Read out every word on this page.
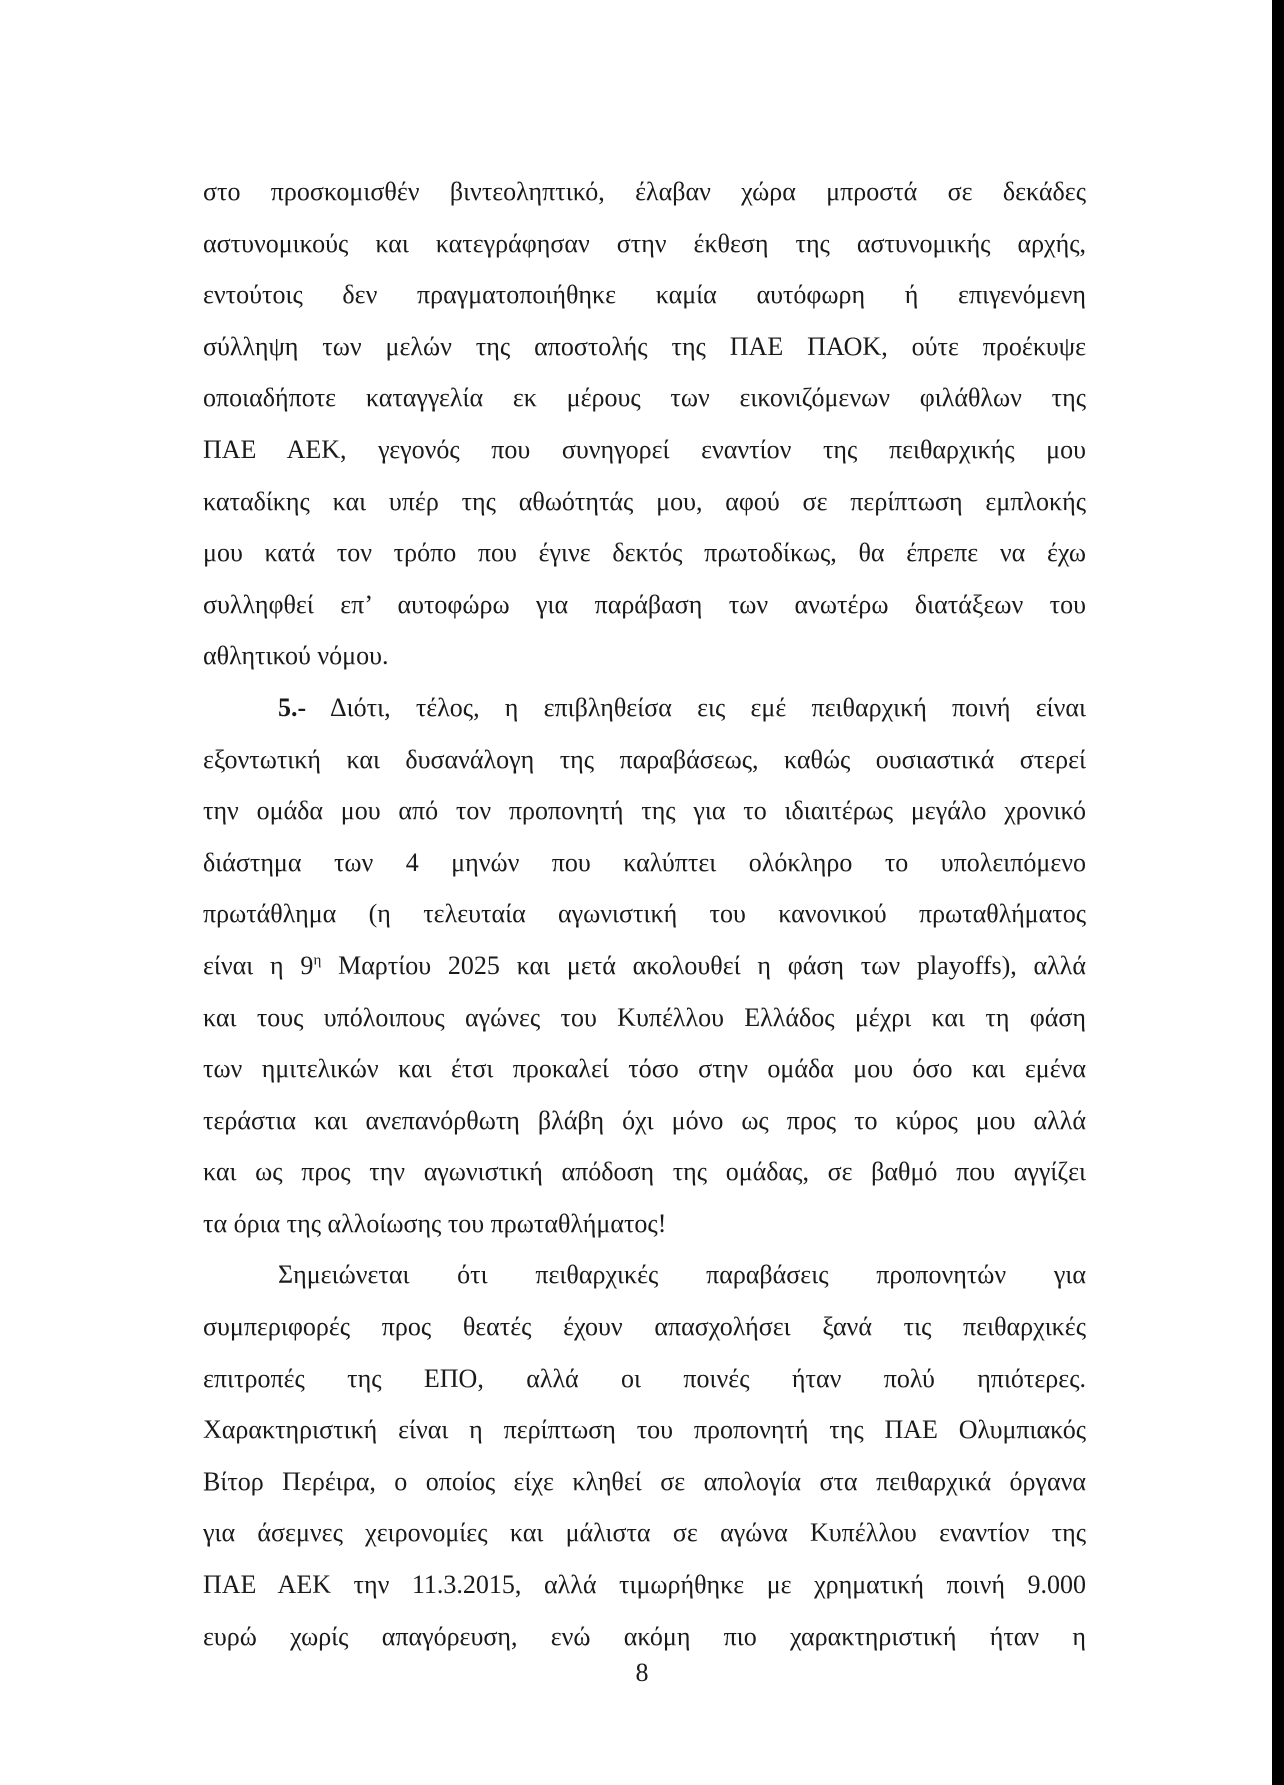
στο προσκομισθέν βιντεοληπτικό, έλαβαν χώρα μπροστά σε δεκάδες
αστυνομικούς και κατεγράφησαν στην έκθεση της αστυνομικής αρχής,
εντούτοις δεν πραγματοποιήθηκε καμία αυτόφωρη ή επιγενόμενη
σύλληψη των μελών της αποστολής της ΠΑΕ ΠΑΟΚ, ούτε προέκυψε
οποιαδήποτε καταγγελία εκ μέρους των εικονιζόμενων φιλάθλων της
ΠΑΕ ΑΕΚ, γεγονός που συνηγορεί εναντίον της πειθαρχικής μου
καταδίκης και υπέρ της αθωότητάς μου, αφού σε περίπτωση εμπλοκής
μου κατά τον τρόπο που έγινε δεκτός πρωτοδίκως, θα έπρεπε να έχω
συλληφθεί επ’ αυτοφώρω για παράβαση των ανωτέρω διατάξεων του
αθλητικού νόμου.
5.- Διότι, τέλος, η επιβληθείσα εις εμέ πειθαρχική ποινή είναι
εξοντωτική και δυσανάλογη της παραβάσεως, καθώς ουσιαστικά στερεί
την ομάδα μου από τον προπονητή της για το ιδιαιτέρως μεγάλο χρονικό
διάστημα των 4 μηνών που καλύπτει ολόκληρο το υπολειπόμενο
πρωτάθλημα (η τελευταία αγωνιστική του κανονικού πρωταθλήματος
είναι η $9^\eta$ Μαρτίου 2025 και μετά ακολουθεί η φάση των playoffs), αλλά
και τους υπόλοιπους αγώνες του Κυπέλλου Ελλάδος μέχρι και τη φάση
των ημιτελικών και έτσι προκαλεί τόσο στην ομάδα μου όσο και εμένα
τεράστια και ανεπανόρθωτη βλάβη όχι μόνο ως προς το κύρος μου αλλά
και ως προς την αγωνιστική απόδοση της ομάδας, σε βαθμό που αγγίζει
τα όρια της αλλοίωσης του πρωταθλήματος!
Σημειώνεται ότι πειθαρχικές παραβάσεις προπονητών για
συμπεριφορές προς θεατές έχουν απασχολήσει ξανά τις πειθαρχικές
επιτροπές της ΕΠΟ, αλλά οι ποινές ήταν πολύ ηπιότερες.
Χαρακτηριστική είναι η περίπτωση του προπονητή της ΠΑΕ Ολυμπιακός
Βίτορ Περέιρα, ο οποίος είχε κληθεί σε απολογία στα πειθαρχικά όργανα
για άσεμνες χειρονομίες και μάλιστα σε αγώνα Κυπέλλου εναντίον της
ΠΑΕ ΑΕΚ την 11.3.2015, αλλά τιμωρήθηκε με χρηματική ποινή 9.000
ευρώ χωρίς απαγόρευση, ενώ ακόμη πιο χαρακτηριστική ήταν η
8
